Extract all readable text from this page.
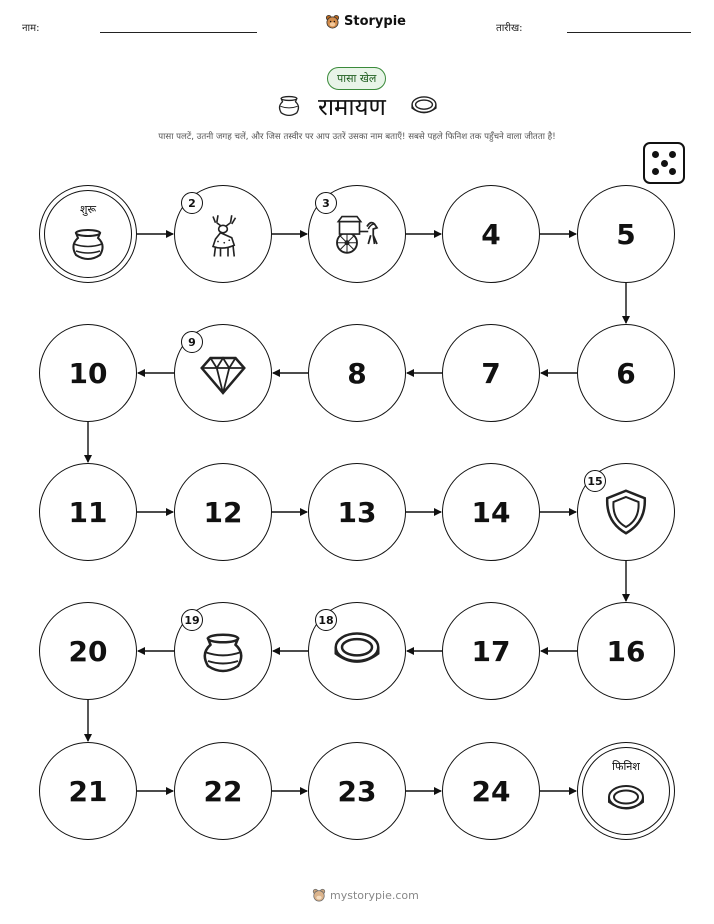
नाम:	Storypie	तारीख:
पासा खेल
रामायण
पासा पलटें, उतनी जगह चलें, और जिस तस्वीर पर आप उतरें उसका नाम बताएँ! सबसे पहले फिनिश तक पहुँचने वाला जीतता है!
शुरू	2	3
4	5
6
7
8
9
10
11	12	13	14
15
16
17
18
19
20
21	22	23	24
फिनिश
mystorypie.com
